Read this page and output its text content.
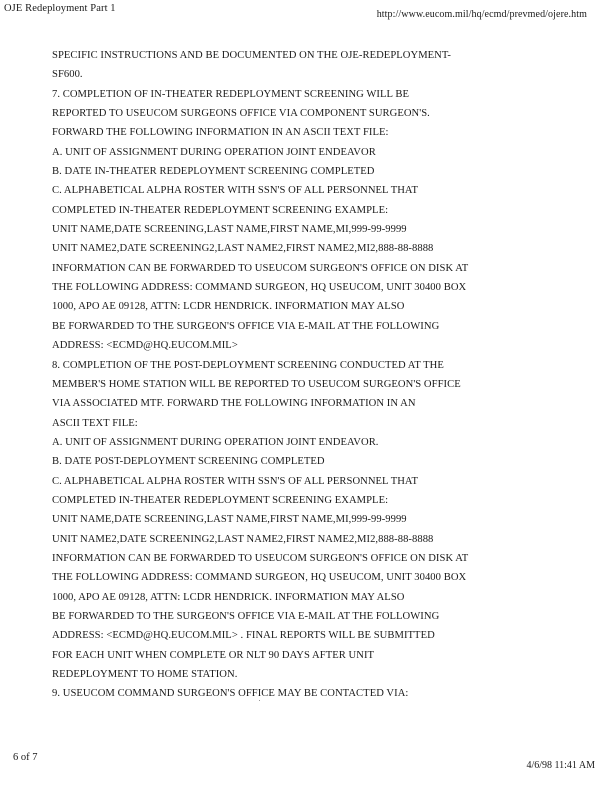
OJE Redeployment Part 1
http://www.eucom.mil/hq/ecmd/prevmed/ojere.htm
SPECIFIC INSTRUCTIONS AND BE DOCUMENTED ON THE OJE-REDEPLOYMENT-
SF600.
7. COMPLETION OF IN-THEATER REDEPLOYMENT SCREENING WILL BE
REPORTED TO USEUCOM SURGEONS OFFICE VIA COMPONENT SURGEON'S.
FORWARD THE FOLLOWING INFORMATION IN AN ASCII TEXT FILE:
A. UNIT OF ASSIGNMENT DURING OPERATION JOINT ENDEAVOR
B. DATE IN-THEATER REDEPLOYMENT SCREENING COMPLETED
C. ALPHABETICAL ALPHA ROSTER WITH SSN'S OF ALL PERSONNEL THAT
COMPLETED IN-THEATER REDEPLOYMENT SCREENING EXAMPLE:
UNIT NAME,DATE SCREENING,LAST NAME,FIRST NAME,MI,999-99-9999
UNIT NAME2,DATE SCREENING2,LAST NAME2,FIRST NAME2,MI2,888-88-8888
INFORMATION CAN BE FORWARDED TO USEUCOM SURGEON'S OFFICE ON DISK AT
THE FOLLOWING ADDRESS: COMMAND SURGEON, HQ USEUCOM, UNIT 30400 BOX
1000, APO AE 09128, ATTN: LCDR HENDRICK. INFORMATION MAY ALSO
BE FORWARDED TO THE SURGEON'S OFFICE VIA E-MAIL AT THE FOLLOWING
ADDRESS: <ECMD@HQ.EUCOM.MIL>
8. COMPLETION OF THE POST-DEPLOYMENT SCREENING CONDUCTED AT THE
MEMBER'S HOME STATION WILL BE REPORTED TO USEUCOM SURGEON'S OFFICE
VIA ASSOCIATED MTF. FORWARD THE FOLLOWING INFORMATION IN AN
ASCII TEXT FILE:
A. UNIT OF ASSIGNMENT DURING OPERATION JOINT ENDEAVOR.
B. DATE POST-DEPLOYMENT SCREENING COMPLETED
C. ALPHABETICAL ALPHA ROSTER WITH SSN'S OF ALL PERSONNEL THAT
COMPLETED IN-THEATER REDEPLOYMENT SCREENING EXAMPLE:
UNIT NAME,DATE SCREENING,LAST NAME,FIRST NAME,MI,999-99-9999
UNIT NAME2,DATE SCREENING2,LAST NAME2,FIRST NAME2,MI2,888-88-8888
INFORMATION CAN BE FORWARDED TO USEUCOM SURGEON'S OFFICE ON DISK AT
THE FOLLOWING ADDRESS: COMMAND SURGEON, HQ USEUCOM, UNIT 30400 BOX
1000, APO AE 09128, ATTN: LCDR HENDRICK. INFORMATION MAY ALSO
BE FORWARDED TO THE SURGEON'S OFFICE VIA E-MAIL AT THE FOLLOWING
ADDRESS: <ECMD@HQ.EUCOM.MIL> . FINAL REPORTS WILL BE SUBMITTED
FOR EACH UNIT WHEN COMPLETE OR NLT 90 DAYS AFTER UNIT
REDEPLOYMENT TO HOME STATION.
9. USEUCOM COMMAND SURGEON'S OFFICE MAY BE CONTACTED VIA:
6 of 7
4/6/98 11:41 AM
